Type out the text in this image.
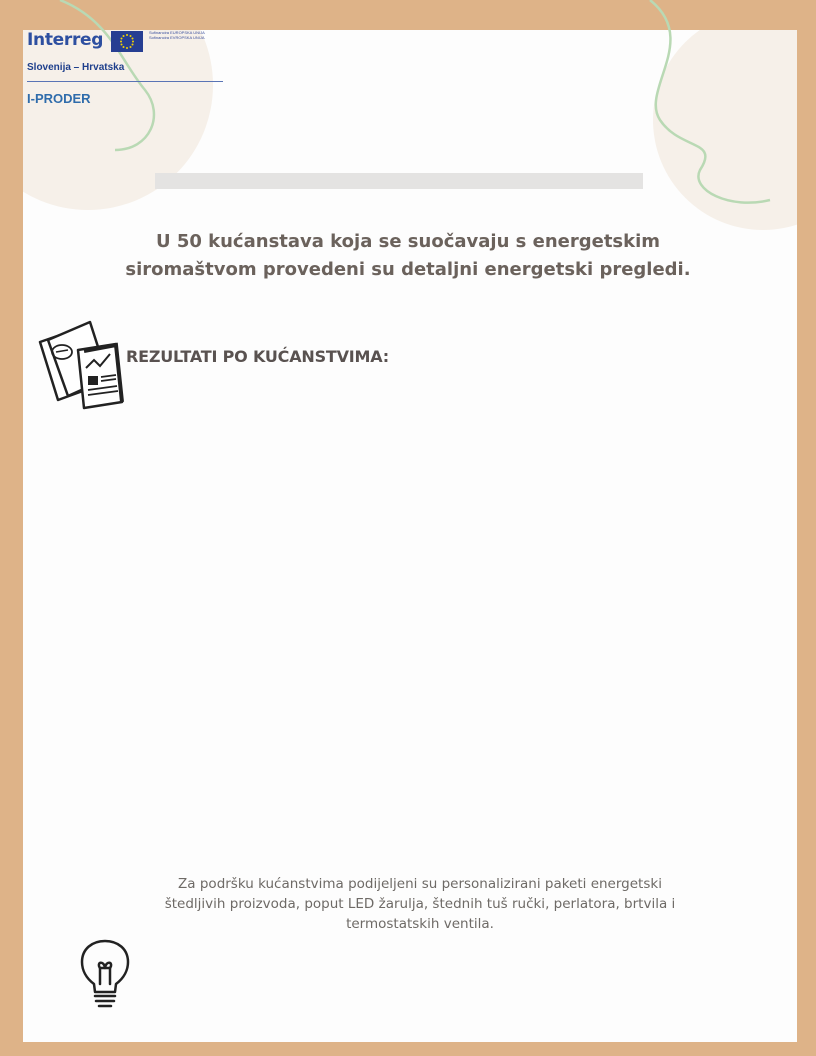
Interreg	Sufinancira EUROPSKA UNIJA Sofinancira EVROPSKA UNIJA
Slovenija – Hrvatska
I-PRODER
U 50 kućanstava koja se suočavaju s energetskim
siromaštvom provedeni su detaljni energetski pregledi.
REZULTATI PO KUĆANSTVIMA:
Za podršku kućanstvima podijeljeni su personalizirani paketi energetski štedljivih proizvoda, poput LED žarulja, štednih tuš ručki, perlatora, brtvila i termostatskih ventila.
